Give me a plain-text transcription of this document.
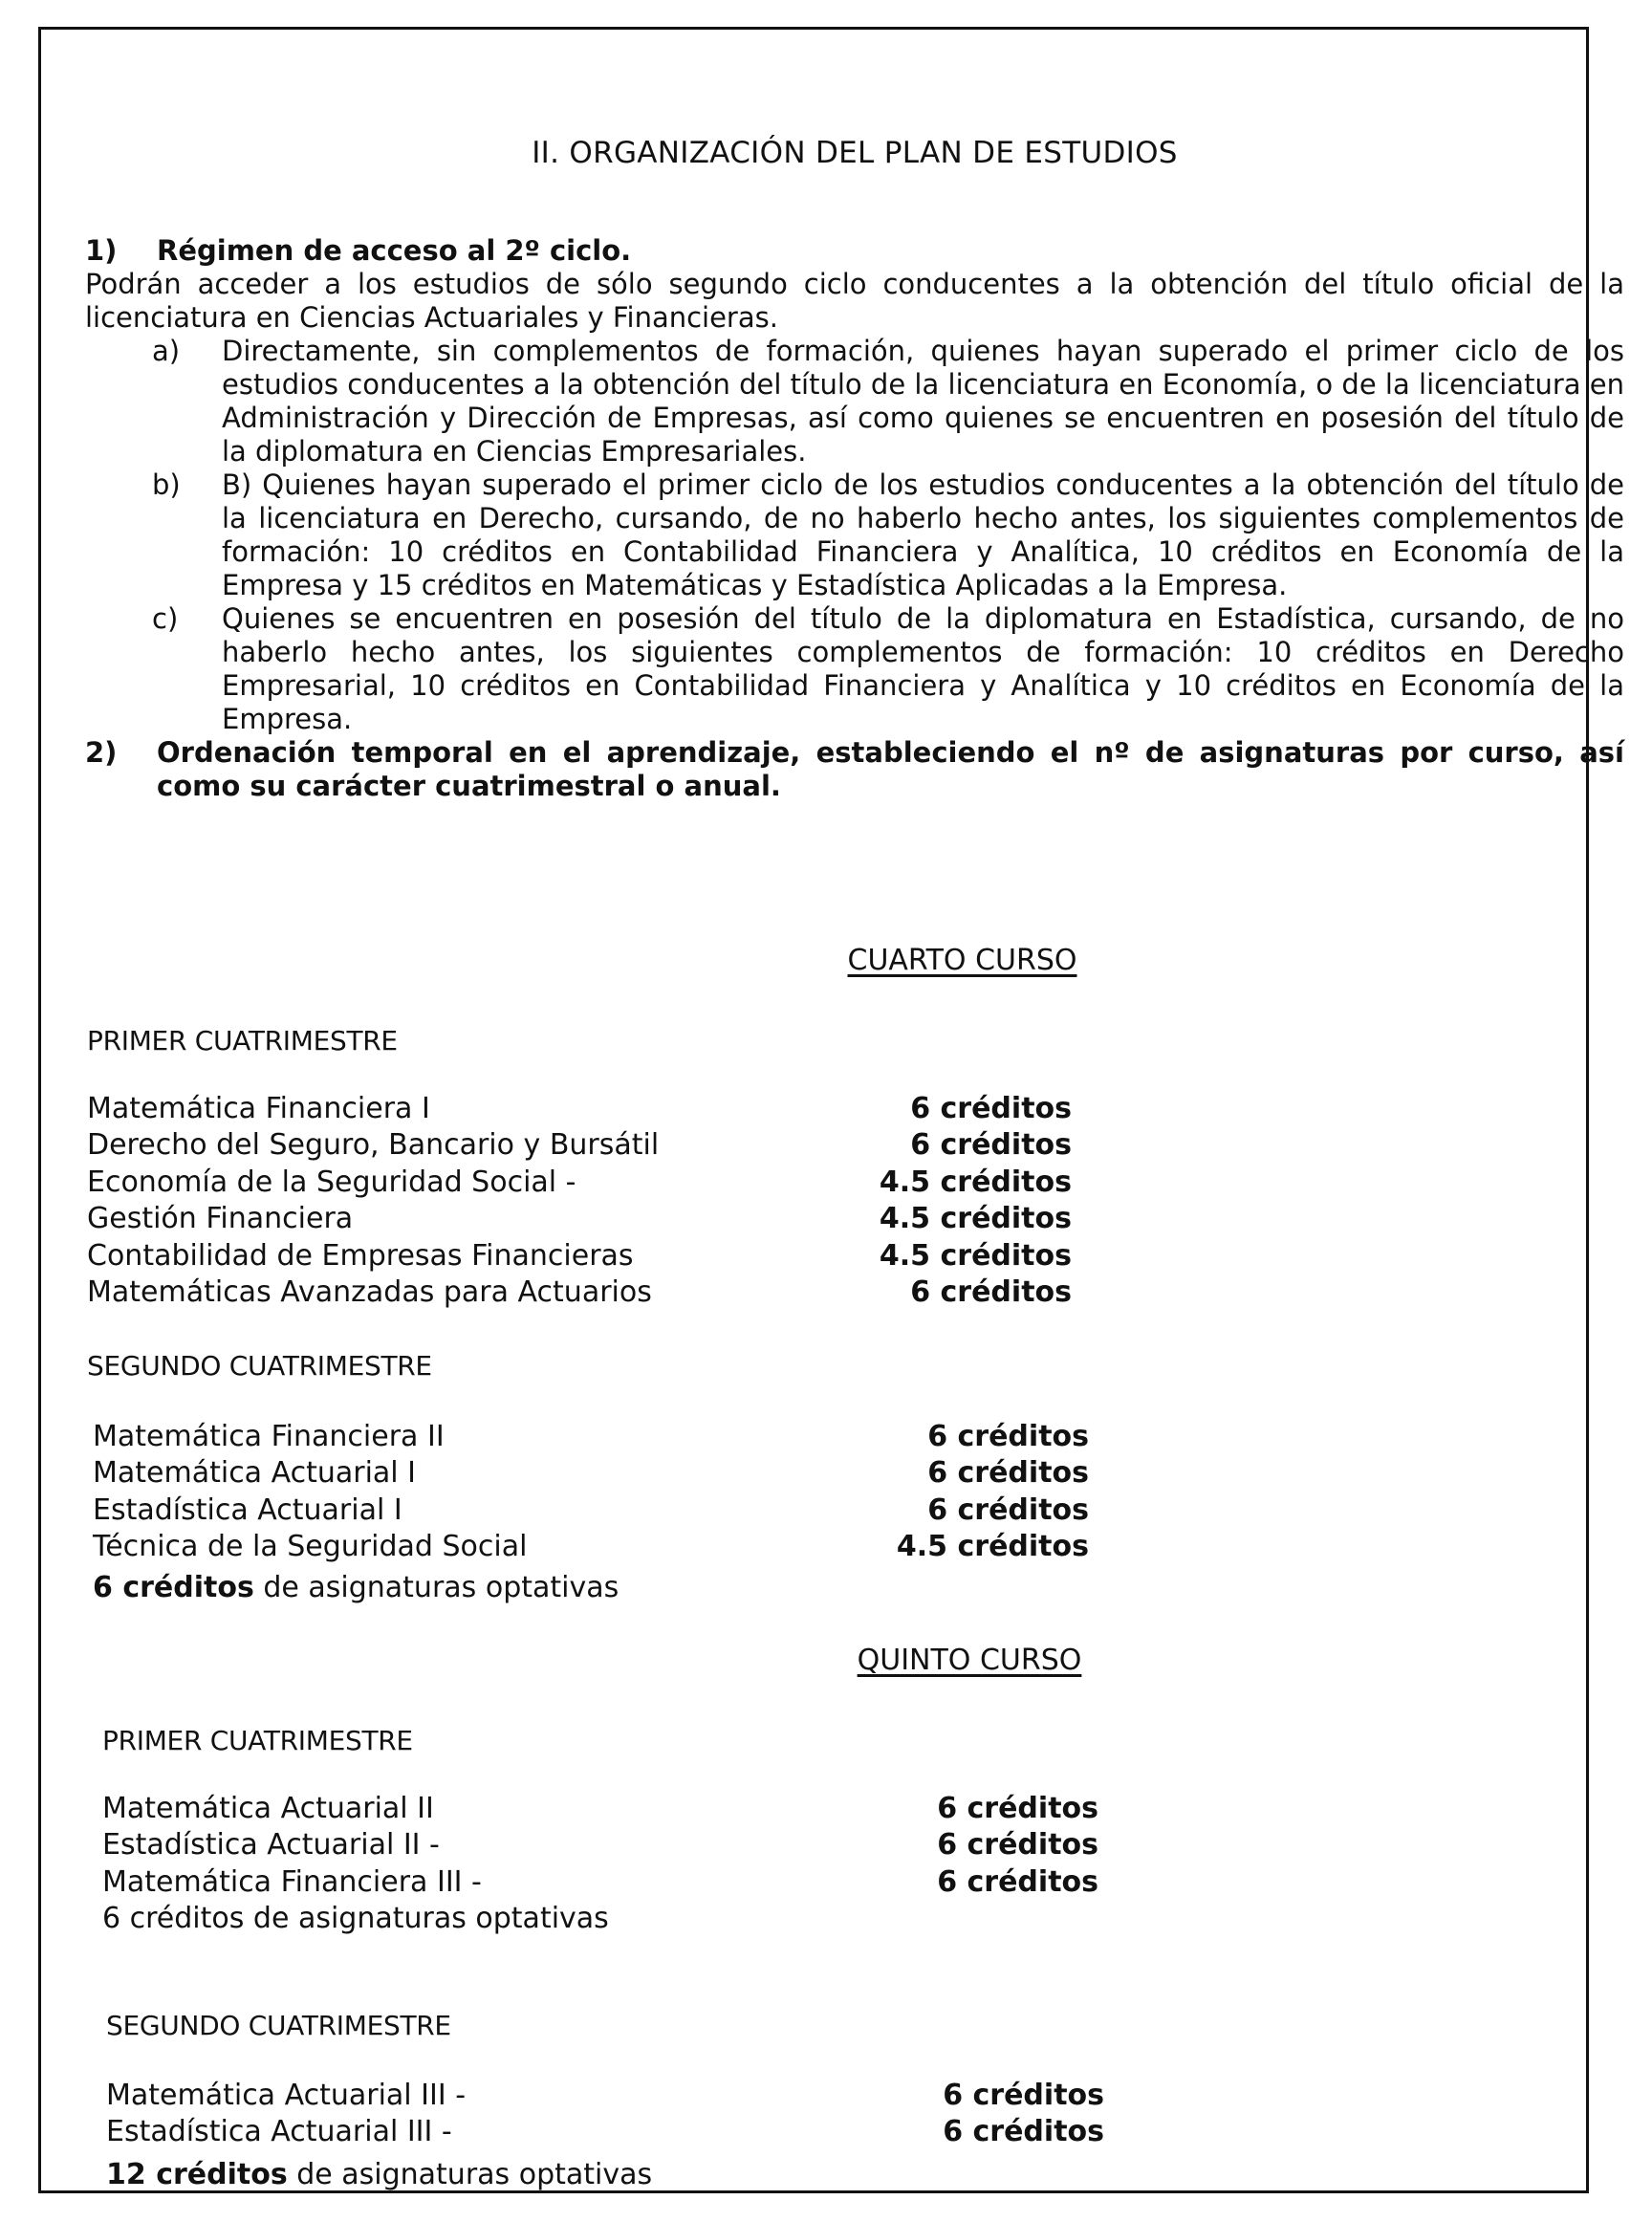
II. ORGANIZACIÓN DEL PLAN DE ESTUDIOS
1)	Régimen de acceso al 2º ciclo.
Podrán acceder a los estudios de sólo segundo ciclo conducentes a la obtención del título oficial de la licenciatura en Ciencias Actuariales y Financieras.
a)	Directamente, sin complementos de formación, quienes hayan superado el primer ciclo de los estudios conducentes a la obtención del título de la licenciatura en Economía, o de la licenciatura en Administración y Dirección de Empresas, así como quienes se encuentren en posesión del título de la diplomatura en Ciencias Empresariales.
b)	B) Quienes hayan superado el primer ciclo de los estudios conducentes a la obtención del título de la licenciatura en Derecho, cursando, de no haberlo hecho antes, los siguientes complementos de formación: 10 créditos en Contabilidad Financiera y Analítica, 10 créditos en Economía de la Empresa y 15 créditos en Matemáticas y Estadística Aplicadas a la Empresa.
c)	Quienes se encuentren en posesión del título de la diplomatura en Estadística, cursando, de no haberlo hecho antes, los siguientes complementos de formación: 10 créditos en Derecho Empresarial, 10 créditos en Contabilidad Financiera y Analítica y 10 créditos en Economía de la Empresa.
2)	Ordenación temporal en el aprendizaje, estableciendo el nº de asignaturas por curso, así como su carácter cuatrimestral o anual.
CUARTO CURSO
PRIMER CUATRIMESTRE
Matemática Financiera I	6 créditos
Derecho del Seguro, Bancario y Bursátil	6 créditos
Economía de la Seguridad Social -	4.5 créditos
Gestión Financiera	4.5 créditos
Contabilidad de Empresas Financieras	4.5 créditos
Matemáticas Avanzadas para Actuarios	6 créditos
SEGUNDO CUATRIMESTRE
Matemática Financiera II	6 créditos
Matemática Actuarial I	6 créditos
Estadística Actuarial I	6 créditos
Técnica de la Seguridad Social	4.5 créditos
6 créditos de asignaturas optativas
QUINTO CURSO
PRIMER CUATRIMESTRE
Matemática Actuarial II	6 créditos
Estadística Actuarial II -	6 créditos
Matemática Financiera III -	6 créditos
6 créditos de asignaturas optativas
SEGUNDO CUATRIMESTRE
Matemática Actuarial III -	6 créditos
Estadística Actuarial III -	6 créditos
12 créditos de asignaturas optativas
